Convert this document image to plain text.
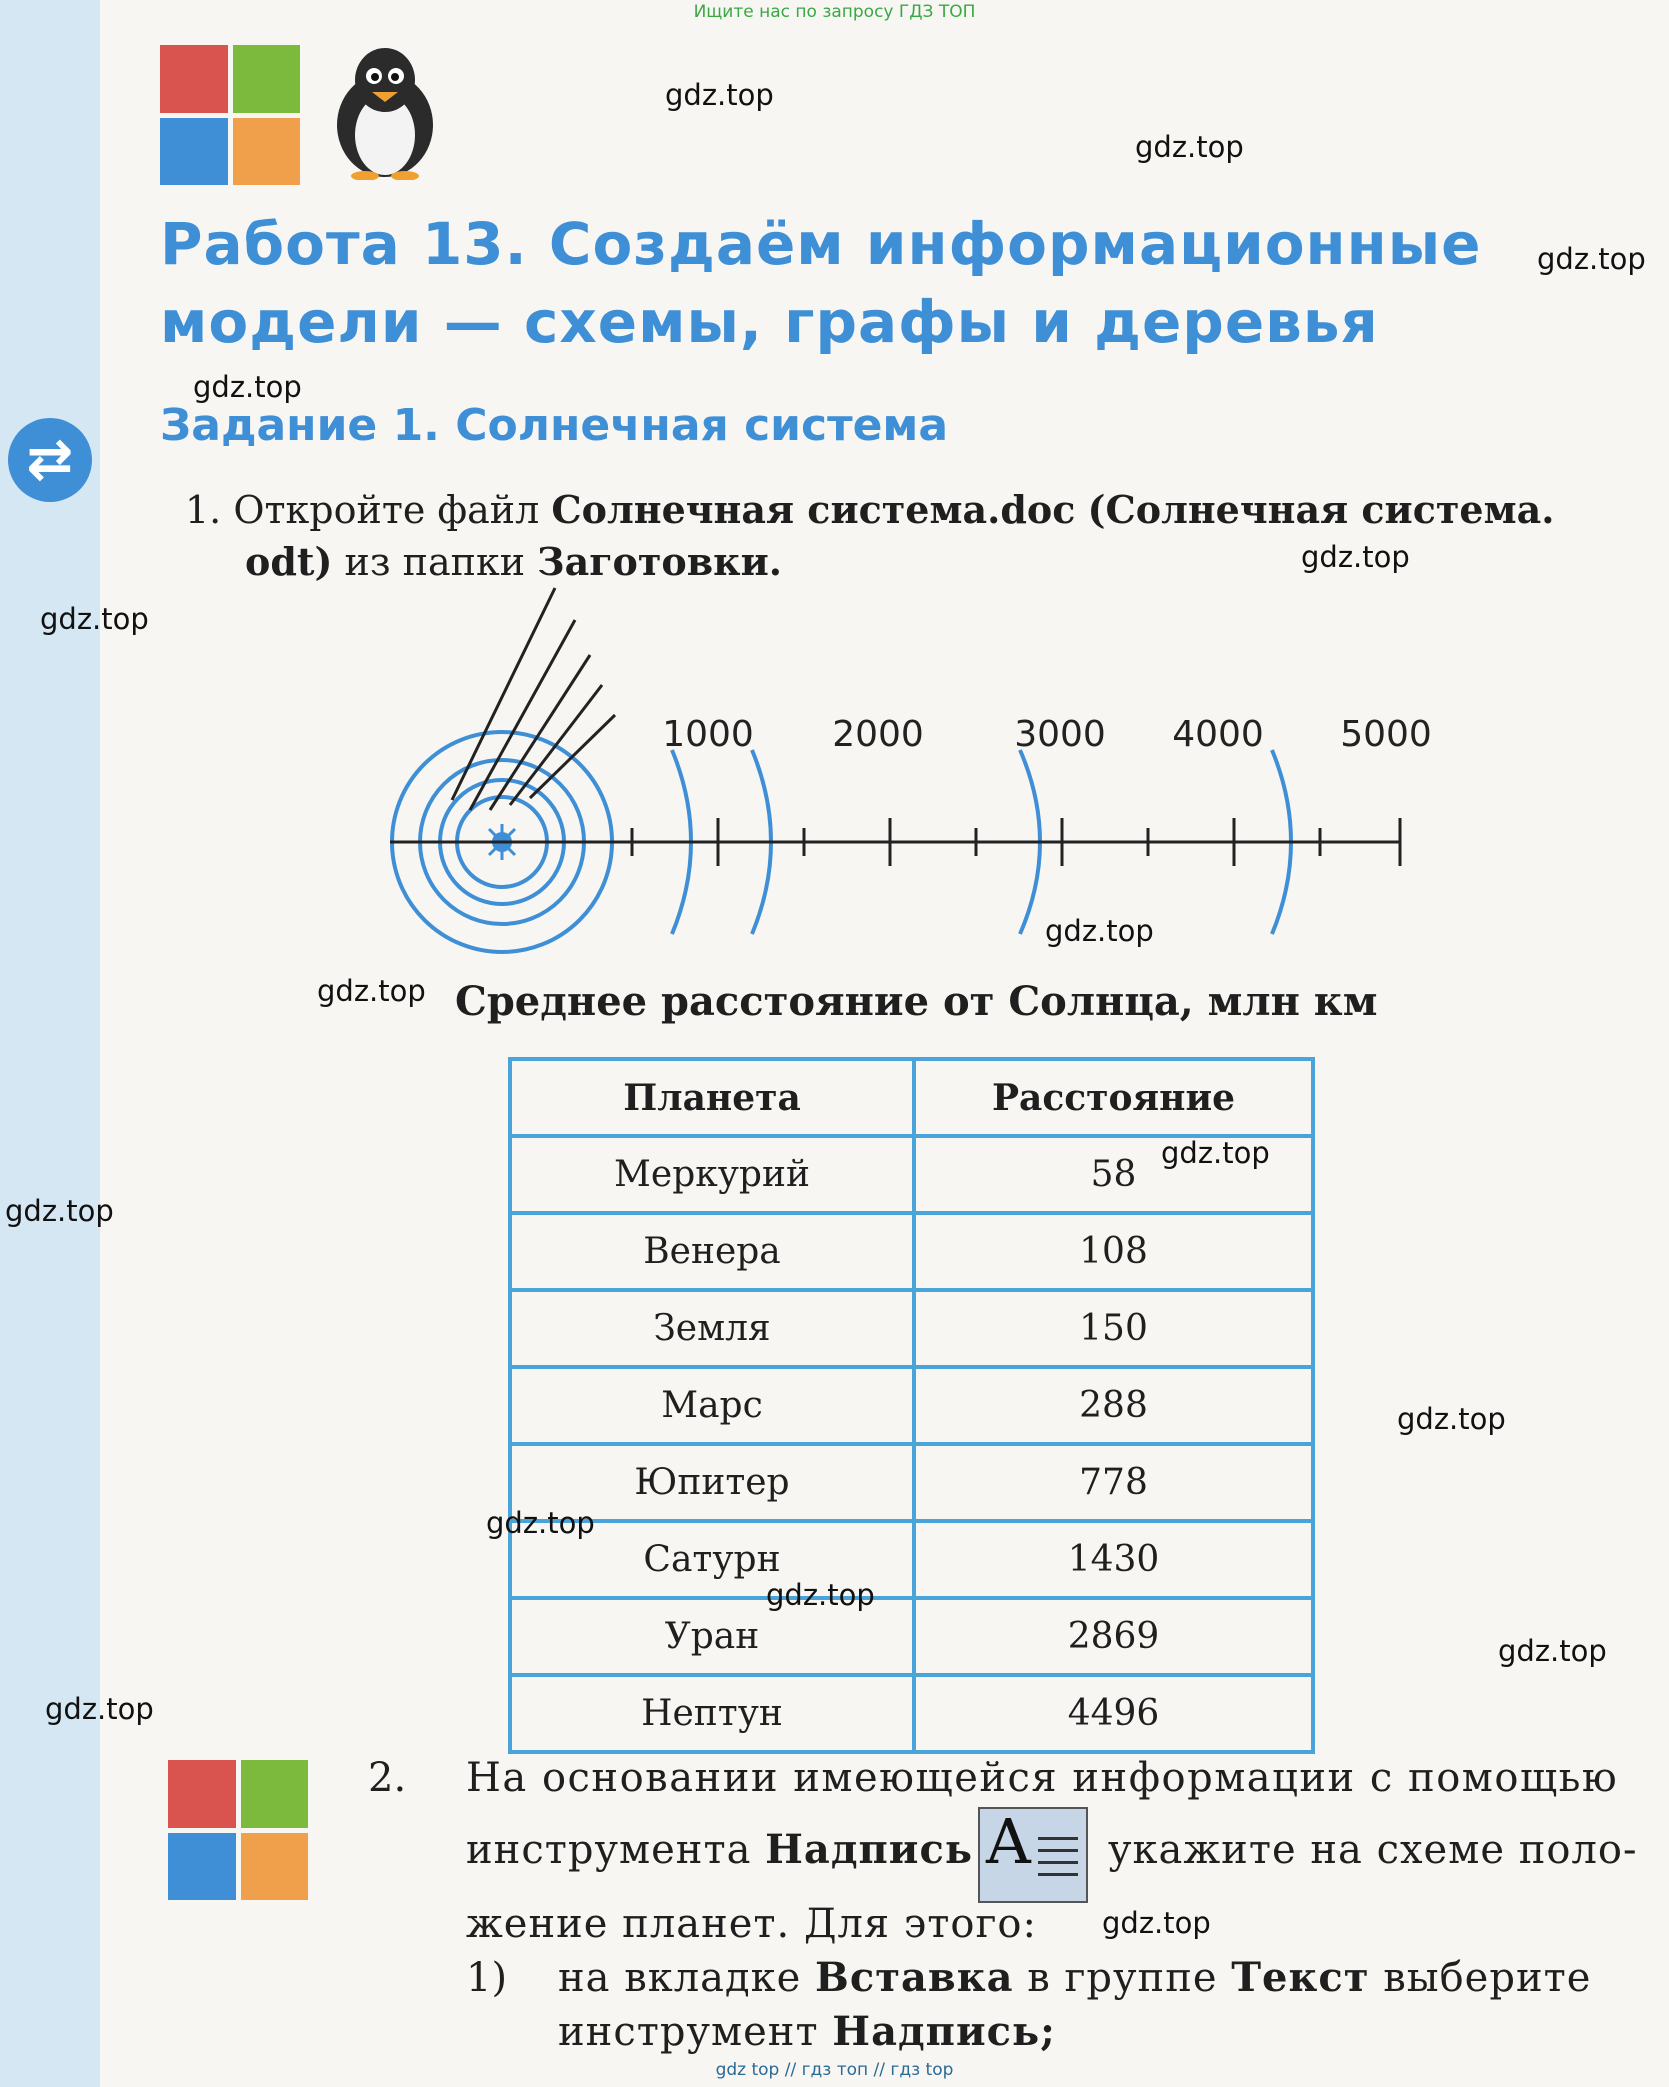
Ищите нас по запросу ГДЗ ТОП
Работа 13. Создаём информационные
модели — схемы, графы и деревья
⇄
Задание 1. Солнечная система
1. Откройте файл Солнечная система.doc (Солнечная система.
odt) из папки Заготовки.
1000 2000	3000 4000 5000
Среднее расстояние от Солнца, млн км
Планета	Расстояние
Меркурий	58
Венера	108
Земля	150
Марс	288
Юпитер	778
Сатурн	1430
Уран	2869
Нептун	4496
2. На основании имеющейся информации с помощью
инструмента Надпись A укажите на схеме поло-
жение планет. Для этого:
1) на вкладке Вставка в группе Текст выберите
инструмент Надпись;
gdz.top
gdz.top
gdz.top
gdz.top
gdz.top
gdz.top
gdz.top
gdz.top
gdz.top
gdz.top
gdz.top
gdz.top
gdz.top
gdz.top
gdz.top
gdz.top
gdz top // гдз топ // гдз top
